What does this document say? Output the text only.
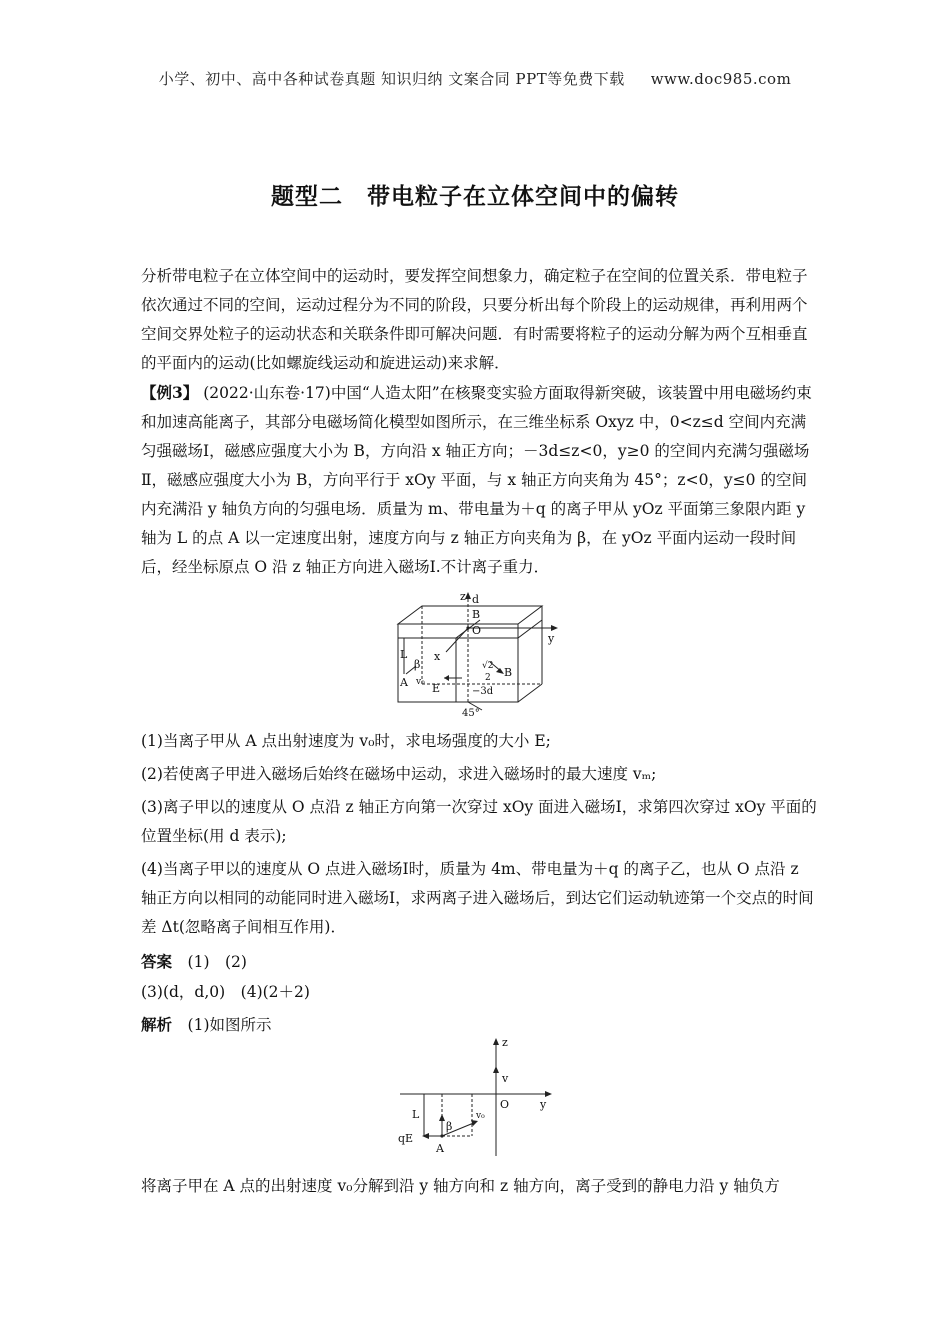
小学、初中、高中各种试卷真题 知识归纳 文案合同 PPT等免费下载 www.doc985.com
题型二　带电粒子在立体空间中的偏转
分析带电粒子在立体空间中的运动时，要发挥空间想象力，确定粒子在空间的位置关系．带电粒子依次通过不同的空间，运动过程分为不同的阶段，只要分析出每个阶段上的运动规律，再利用两个空间交界处粒子的运动状态和关联条件即可解决问题．有时需要将粒子的运动分解为两个互相垂直的平面内的运动(比如螺旋线运动和旋进运动)来求解．
【例3】 (2022·山东卷·17)中国“人造太阳”在核聚变实验方面取得新突破，该装置中用电磁场约束和加速高能离子，其部分电磁场简化模型如图所示，在三维坐标系 Oxyz 中，0<z≤d 空间内充满匀强磁场Ⅰ，磁感应强度大小为 B，方向沿 x 轴正方向；－3d≤z<0，y≥0 的空间内充满匀强磁场Ⅱ，磁感应强度大小为 B，方向平行于 xOy 平面，与 x 轴正方向夹角为 45°；z<0，y≤0 的空间内充满沿 y 轴负方向的匀强电场．质量为 m、带电量为＋q 的离子甲从 yOz 平面第三象限内距 y 轴为 L 的点 A 以一定速度出射，速度方向与 z 轴正方向夹角为 β，在 yOz 平面内运动一段时间后，经坐标原点 O 沿 z 轴正方向进入磁场Ⅰ.不计离子重力．
z d
B
O
y
x
L
β
A v₀
√2
2 B
E	−3d
45°
(1)当离子甲从 A 点出射速度为 v₀时，求电场强度的大小 E;
(2)若使离子甲进入磁场后始终在磁场中运动，求进入磁场时的最大速度 vₘ;
(3)离子甲以的速度从 O 点沿 z 轴正方向第一次穿过 xOy 面进入磁场Ⅰ，求第四次穿过 xOy 平面的位置坐标(用 d 表示);
(4)当离子甲以的速度从 O 点进入磁场Ⅰ时，质量为 4m、带电量为＋q 的离子乙，也从 O 点沿 z 轴正方向以相同的动能同时进入磁场Ⅰ，求两离子进入磁场后，到达它们运动轨迹第一个交点的时间差 Δt(忽略离子间相互作用)．
答案　 (1)　(2)
(3)(d，d,0)　(4)(2＋2)
解析　 (1)如图所示
z
v
O	y
L
qE
β
v₀
A
将离子甲在 A 点的出射速度 v₀分解到沿 y 轴方向和 z 轴方向，离子受到的静电力沿 y 轴负方
